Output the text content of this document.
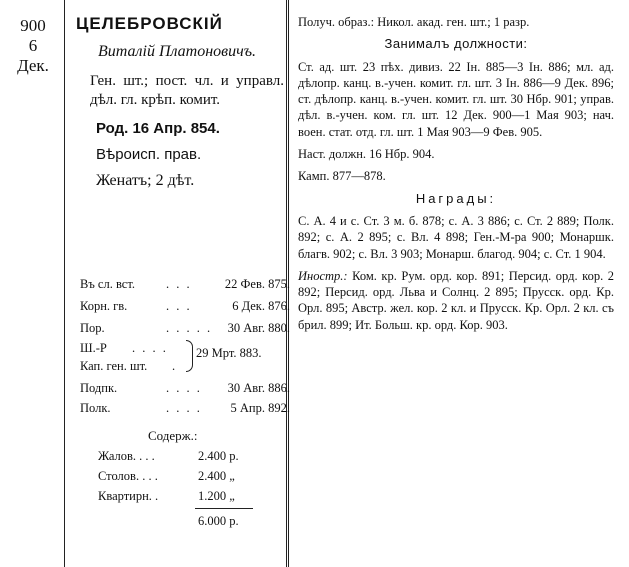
900
6
Дек.
ЦЕЛЕБРОВСКІЙ
Виталій Платоновичъ.
Ген. шт.; пост. чл. и управл. дѣл. гл. крѣп. комит.
Род. 16 Апр. 854.
Вѣроисп. прав.
Женатъ; 2 дѣт.
Въ сл. вст. . . .	22 Фев. 875.
Корн. гв.	. . .	6 Дек. 876.
Пор.	. . . . . 30 Авг. 880.
Ш.-Р . . . .
Кап. ген. шт. .
29 Мрт. 883.
Подпк.	. . . . 30 Авг. 886.
Полк.	. . . . 5 Апр. 892.
Содерж.:
Жалов. . . .	2.400 р.
Столов. . . .	2.400 „
Квартирн. .	1.200 „
6.000 р.

Получ. образ.: Никол. акад. ген. шт.; 1 разр.

Занималъ должности:

Ст. ад. шт. 23 пѣх. дивиз. 22 Ін. 885—3 Ін. 886; мл. ад. дѣлопр. канц. в.-учен. комит. гл. шт. 3 Ін. 886—9 Дек. 896; ст. дѣлопр. канц. в.-учен. комит. гл. шт. 30 Нбр. 901; управ. дѣл. в.-учен. ком. гл. шт. 12 Дек. 900—1 Мая 903; нач. воен. стат. отд. гл. шт. 1 Мая 903—9 Фев. 905.

Наст. должн. 16 Нбр. 904.

Камп. 877—878.

Награды:

С. А. 4 и с. Ст. 3 м. б. 878; с. А. 3 886; с. Ст. 2 889; Полк. 892; с. А. 2 895; с. Вл. 4 898; Ген.-М-ра 900; Монаршк. благв. 902; с. Вл. 3 903; Монарш. благод. 904; с. Ст. 1 904.

Иностр.: Ком. кр. Рум. орд. кор. 891; Персид. орд. кор. 2 892; Персид. орд. Льва и Солнц. 2 895; Прусск. орд. Кр. Орл. 895; Австр. жел. кор. 2 кл. и Прусск. Кр. Орл. 2 кл. съ брил. 899; Ит. Больш. кр. орд. Кор. 903.
